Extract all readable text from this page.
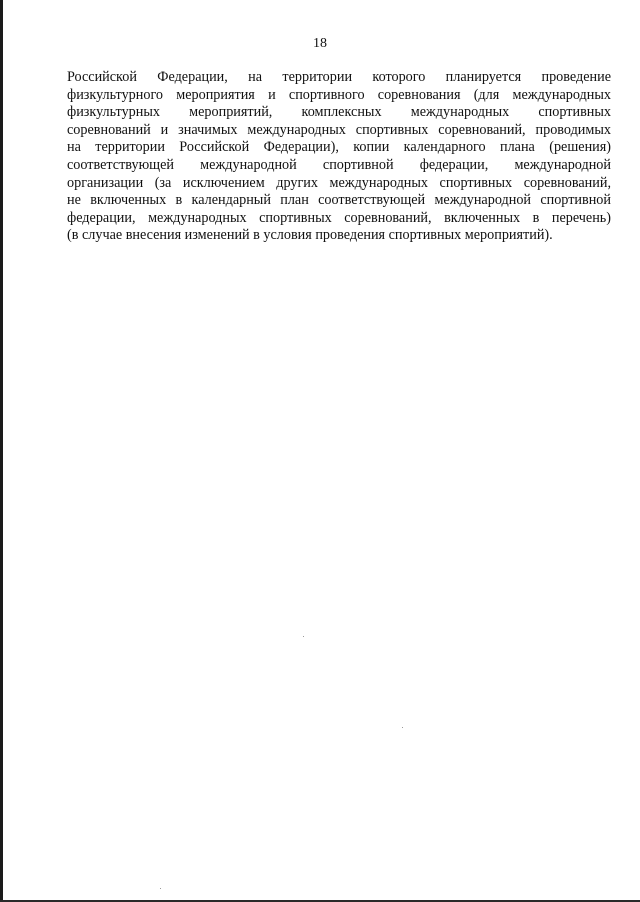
18
Российской Федерации, на территории которого планируется проведение
физкультурного мероприятия и спортивного соревнования (для международных
физкультурных мероприятий, комплексных международных спортивных
соревнований и значимых международных спортивных соревнований, проводимых
на территории Российской Федерации), копии календарного плана (решения)
соответствующей международной спортивной федерации, международной
организации (за исключением других международных спортивных соревнований,
не включенных в календарный план соответствующей международной спортивной
федерации, международных спортивных соревнований, включенных в перечень)
(в случае внесения изменений в условия проведения спортивных мероприятий).
